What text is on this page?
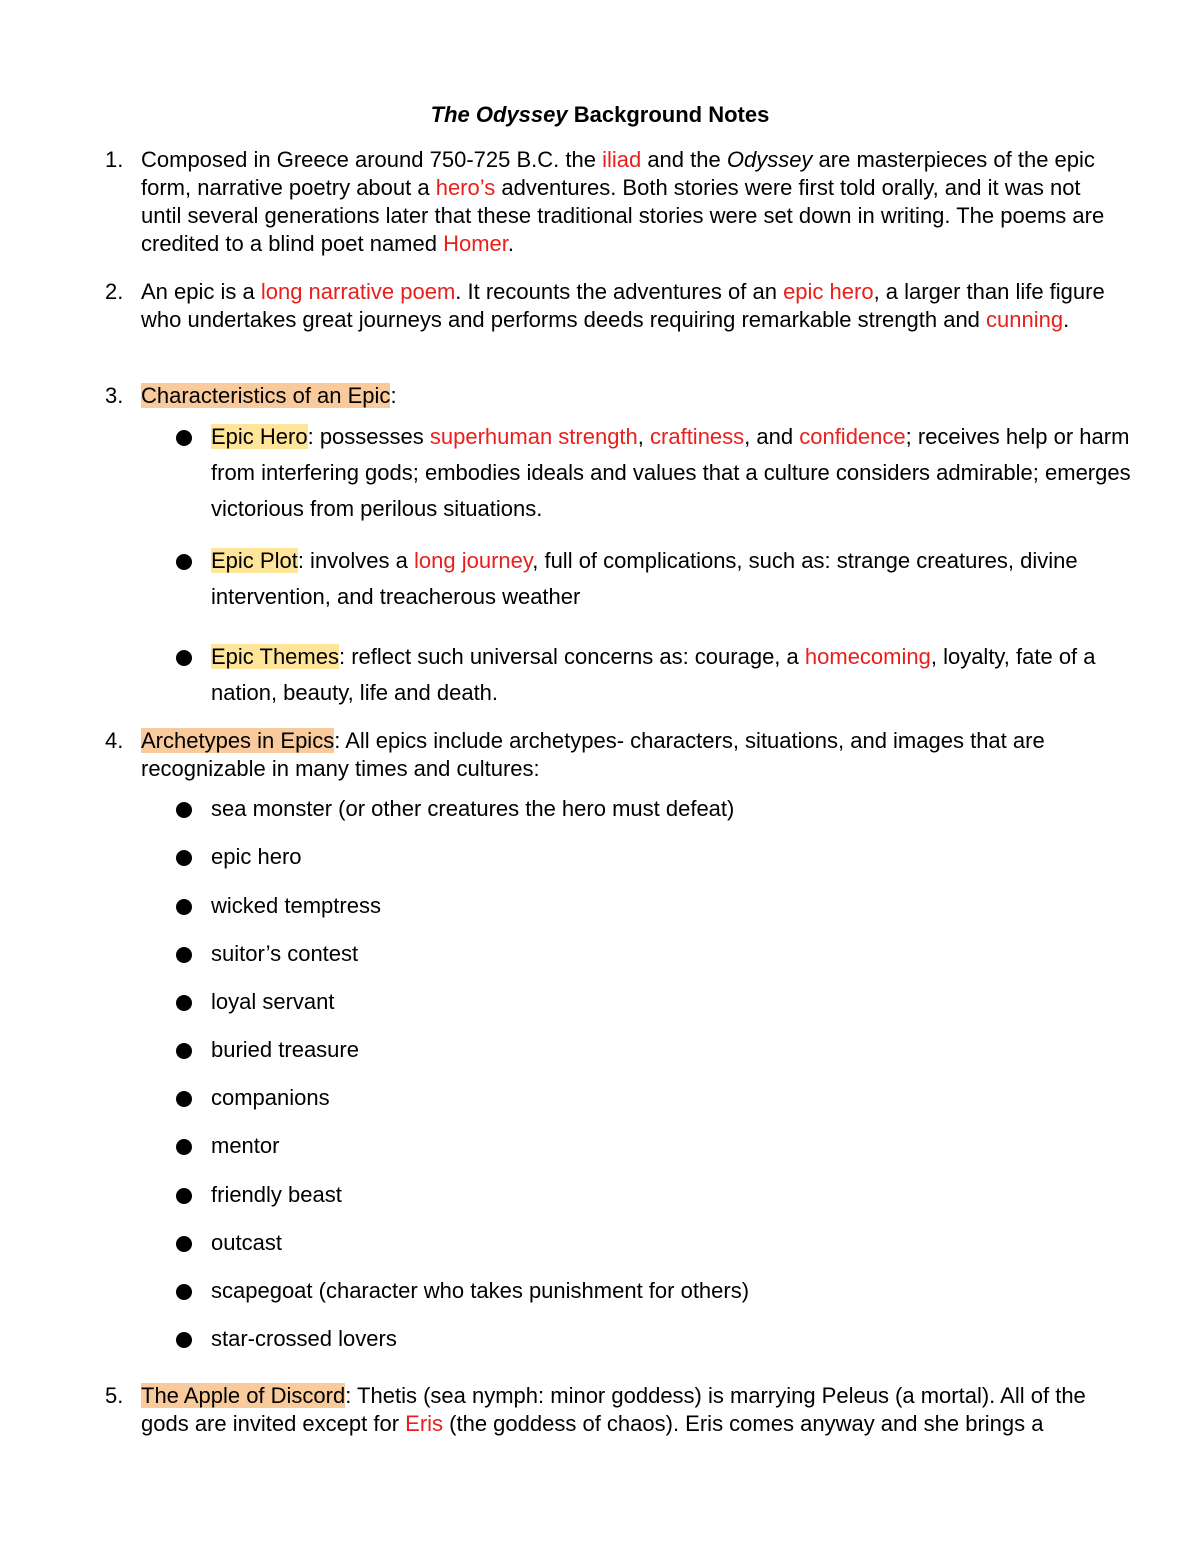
The Odyssey Background Notes
1. Composed in Greece around 750-725 B.C. the iliad and the Odyssey are masterpieces of the epic form, narrative poetry about a hero’s adventures. Both stories were first told orally, and it was not until several generations later that these traditional stories were set down in writing. The poems are credited to a blind poet named Homer.
2. An epic is a long narrative poem. It recounts the adventures of an epic hero, a larger than life figure who undertakes great journeys and performs deeds requiring remarkable strength and cunning.
3. Characteristics of an Epic:
Epic Hero: possesses superhuman strength, craftiness, and confidence; receives help or harm from interfering gods; embodies ideals and values that a culture considers admirable; emerges victorious from perilous situations.
Epic Plot: involves a long journey, full of complications, such as: strange creatures, divine intervention, and treacherous weather
Epic Themes: reflect such universal concerns as: courage, a homecoming, loyalty, fate of a nation, beauty, life and death.
4. Archetypes in Epics: All epics include archetypes- characters, situations, and images that are recognizable in many times and cultures:
sea monster (or other creatures the hero must defeat)
epic hero
wicked temptress
suitor’s contest
loyal servant
buried treasure
companions
mentor
friendly beast
outcast
scapegoat (character who takes punishment for others)
star-crossed lovers
5. The Apple of Discord: Thetis (sea nymph: minor goddess) is marrying Peleus (a mortal). All of the gods are invited except for Eris (the goddess of chaos). Eris comes anyway and she brings a
